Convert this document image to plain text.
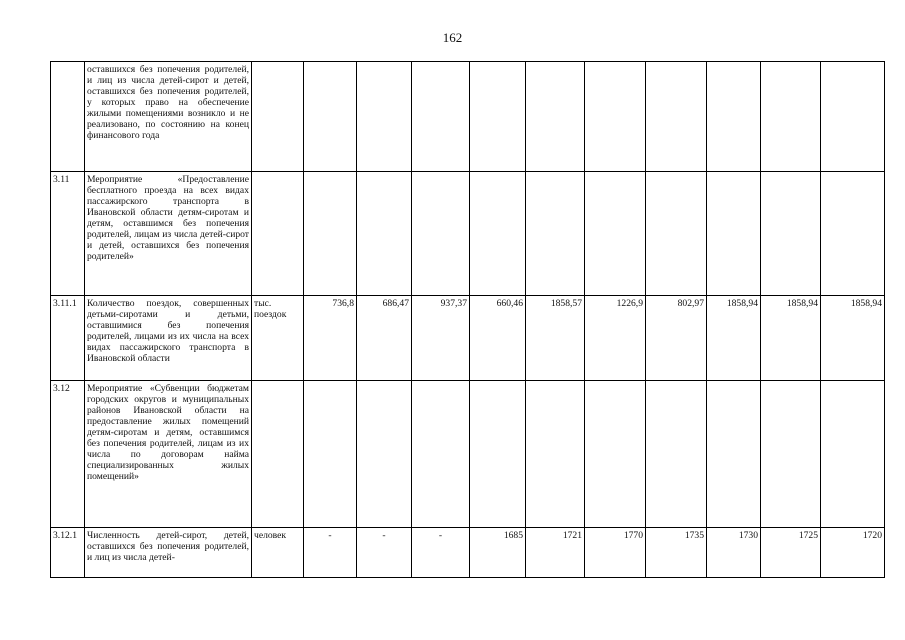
162
	оставшихся без попечения родителей, и лиц из числа детей-сирот и детей, оставшихся без попечения родителей, у которых право на обеспечение жилыми помещениями возникло и не реализовано, по состоянию на конец финансового года												
3.11	Мероприятие «Предоставление бесплатного проезда на всех видах пассажирского транспорта в Ивановской области детям-сиротам и детям, оставшимся без попечения родителей, лицам из числа детей-сирот и детей, оставшихся без попечения родителей»												
3.11.1	Количество поездок, совершенных детьми-сиротами и детьми, оставшимися без попечения родителей, лицами из их числа на всех видах пассажирского транспорта в Ивановской области	тыс. поездок	736,8	686,47	937,37	660,46	1858,57	1226,9	802,97	1858,94	1858,94	1858,94	
3.12	Мероприятие «Субвенции бюджетам городских округов и муниципальных районов Ивановской области на предоставление жилых помещений детям-сиротам и детям, оставшимся без попечения родителей, лицам из их числа по договорам найма специализированных жилых помещений»												
3.12.1	Численность детей-сирот, детей, оставшихся без попечения родителей, и лиц из числа детей-	человек	-	-	-	1685	1721	1770	1735	1730	1725	1720	
